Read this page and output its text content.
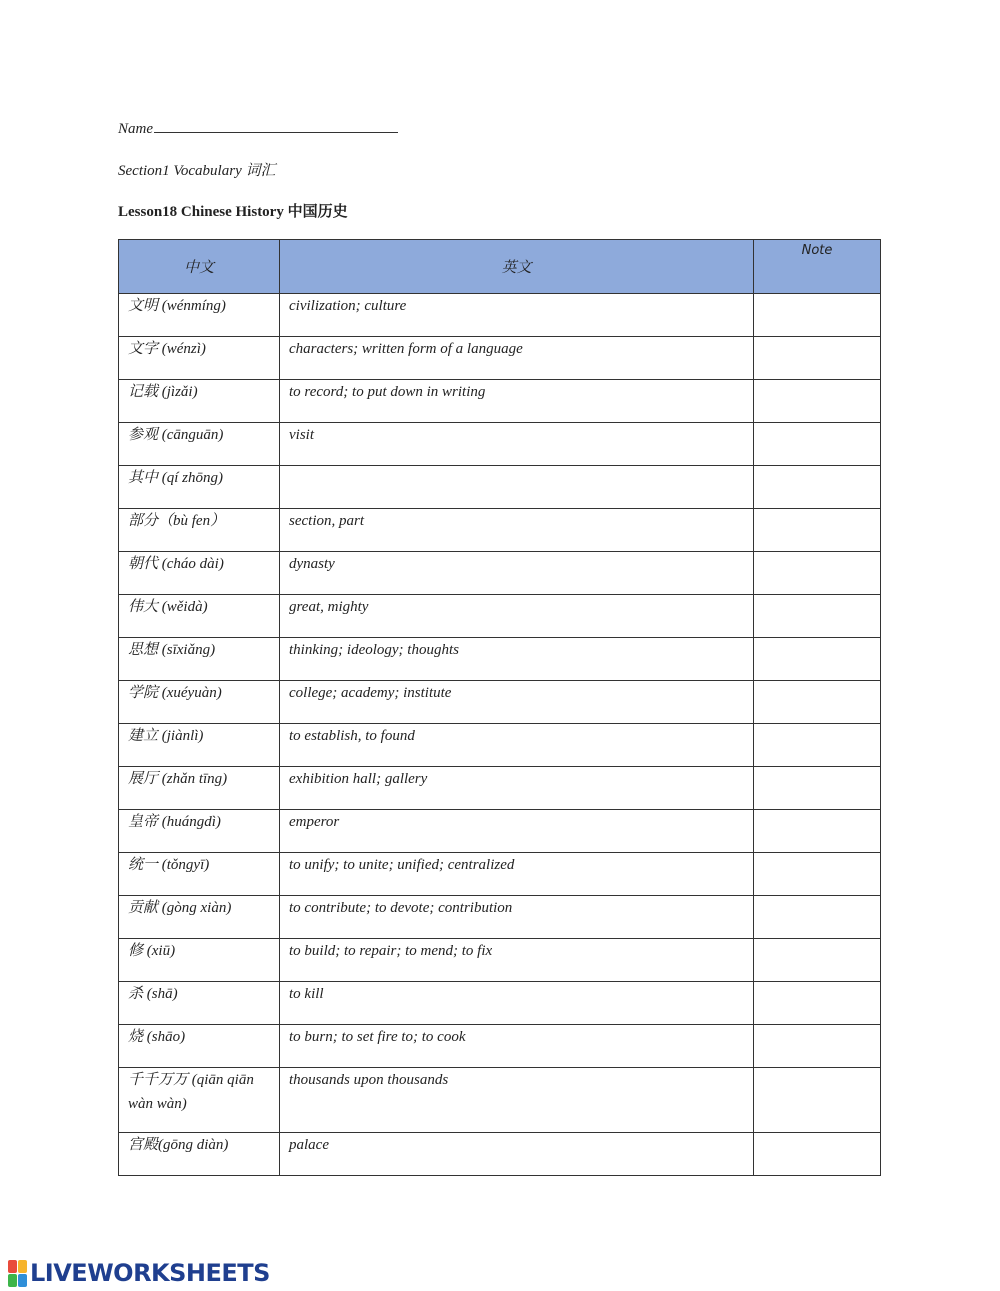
Name
Section1 Vocabulary 词汇
Lesson18 Chinese History 中国历史
中文	英文	Note
文明 (wénmíng)	civilization; culture	
文字 (wénzì)	characters; written form of a language	
记载 (jìzǎi)	to record; to put down in writing	
参观 (cānguān)	visit	
其中 (qí zhōng)		
部分（bù fen）	section, part	
朝代 (cháo dài)	dynasty	
伟大 (wěidà)	great, mighty	
思想 (sīxiǎng)	thinking; ideology; thoughts	
学院 (xuéyuàn)	college; academy; institute	
建立 (jiànlì)	to establish, to found	
展厅 (zhǎn tīng)	exhibition hall; gallery	
皇帝 (huángdì)	emperor	
统一 (tǒngyī)	to unify; to unite; unified; centralized	
贡献 (gòng xiàn)	to contribute; to devote; contribution	
修 (xiū)	to build; to repair; to mend; to fix	
杀 (shā)	to kill	
烧 (shāo)	to burn; to set fire to; to cook	
千千万万 (qiān qiān wàn wàn)	thousands upon thousands	
宫殿(gōng diàn)	palace	
LIVEWORKSHEETS
